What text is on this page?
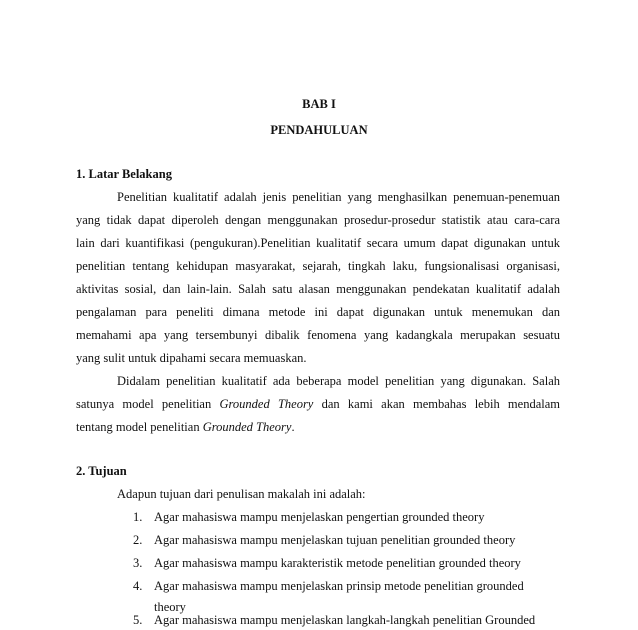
BAB I
PENDAHULUAN
1. Latar Belakang
Penelitian kualitatif adalah jenis penelitian yang menghasilkan penemuan-penemuan
yang tidak dapat diperoleh dengan menggunakan prosedur-prosedur statistik atau cara-cara
lain dari kuantifikasi (pengukuran).Penelitian kualitatif secara umum dapat digunakan untuk
penelitian tentang kehidupan masyarakat, sejarah, tingkah laku, fungsionalisasi organisasi,
aktivitas sosial, dan lain-lain. Salah satu alasan menggunakan pendekatan kualitatif adalah
pengalaman para peneliti dimana metode ini dapat digunakan untuk menemukan dan
memahami apa yang tersembunyi dibalik fenomena yang kadangkala merupakan sesuatu
yang sulit untuk dipahami secara memuaskan.
Didalam penelitian kualitatif ada beberapa model penelitian yang digunakan. Salah
satunya model penelitian Grounded Theory dan kami akan membahas lebih mendalam
tentang model penelitian Grounded Theory.
2. Tujuan
Adapun tujuan dari penulisan makalah ini adalah:
1. Agar mahasiswa mampu menjelaskan pengertian grounded theory
2. Agar mahasiswa mampu menjelaskan tujuan penelitian grounded theory
3. Agar mahasiswa mampu karakteristik metode penelitian grounded theory
4. Agar mahasiswa mampu menjelaskan prinsip metode penelitian grounded
theory
5. Agar mahasiswa mampu menjelaskan langkah-langkah penelitian Grounded
